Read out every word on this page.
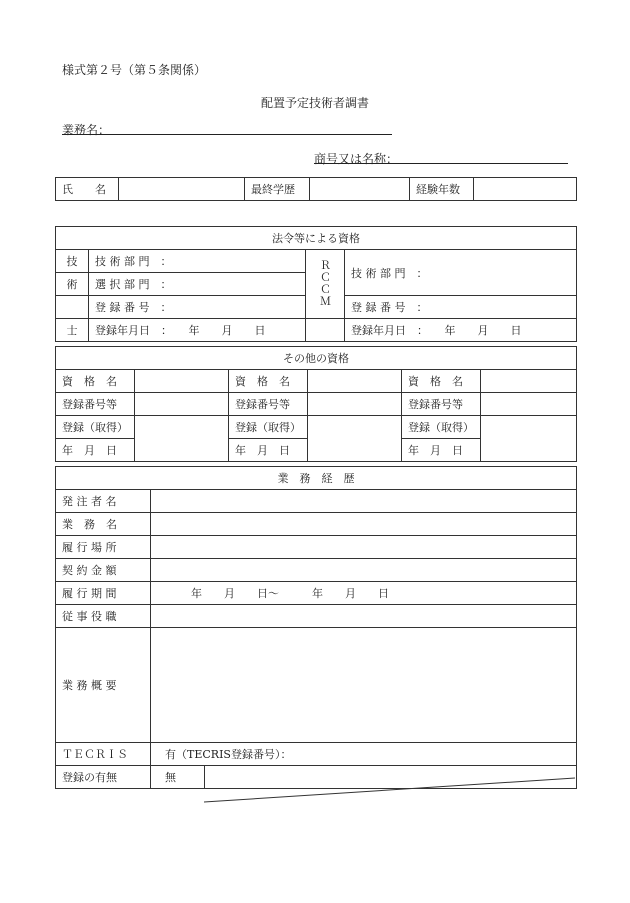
様式第２号（第５条関係）
配置予定技術者調書
業務名：
商号又は名称：
氏　　名		最終学歴		経験年数	
法令等による資格			
技	技 術 部 門　：	ＲＣＣＭ	技 術 部 門　：
術	選 択 部 門　：		
	登 録 番 号　：		登 録 番 号　：
士	登録年月日　：　　年　　月　　日		登録年月日　：　　年　　月　　日
その他の資格					
資　格　名		資　格　名		資　格　名	
登録番号等		登録番号等		登録番号等	
登録（取得）		登録（取得）		登録（取得）	
年　月　日		年　月　日		年　月　日	
業　務　経　歴		
発 注 者 名		
業　務　名		
履 行 場 所		
契 約 金 額		
履 行 期 間	年　　月　　日～　　　年　　月　　日	
従 事 役 職		
業 務 概 要		
ＴＥＣＲＩＳ	有（TECRIS登録番号）：	
登録の有無	無	
